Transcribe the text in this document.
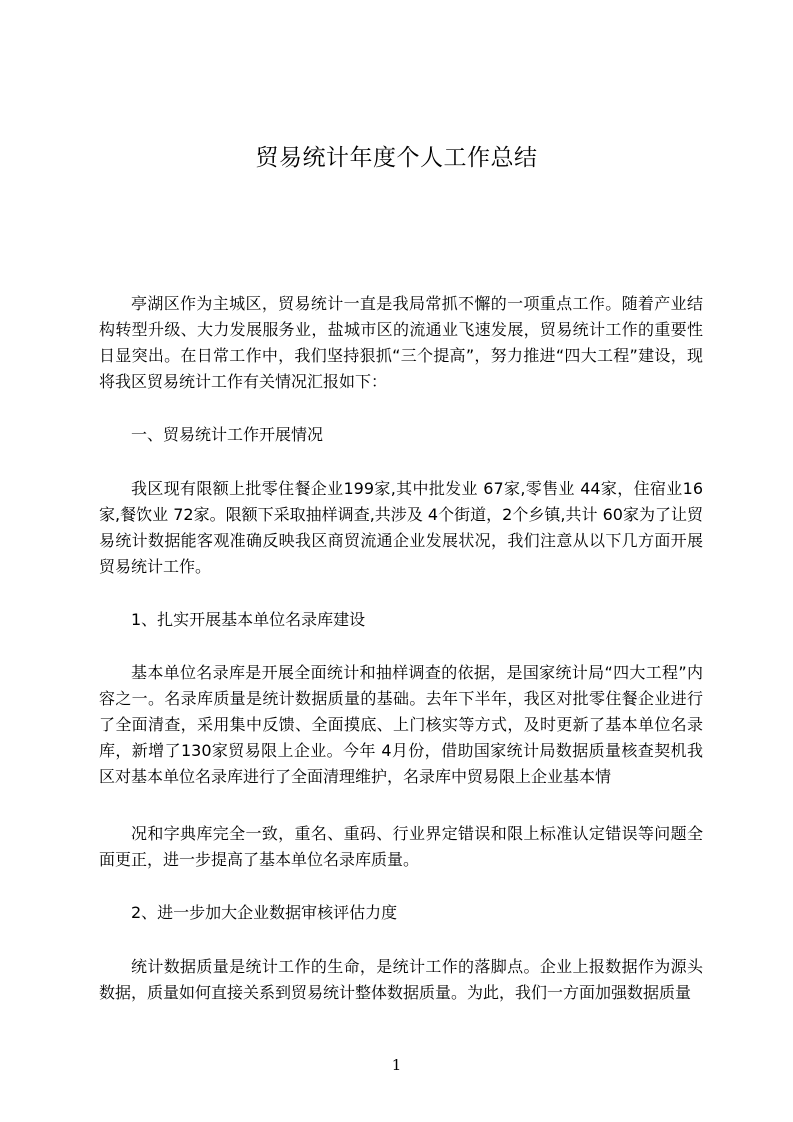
贸易统计年度个人工作总结

亭湖区作为主城区，贸易统计一直是我局常抓不懈的一项重点工作。随着产业结构转型升级、大力发展服务业，盐城市区的流通业飞速发展，贸易统计工作的重要性日显突出。在日常工作中，我们坚持狠抓“三个提高”，努力推进“四大工程”建设，现将我区贸易统计工作有关情况汇报如下：

一、贸易统计工作开展情况

我区现有限额上批零住餐企业199家,其中批发业 67家,零售业 44家，住宿业16家,餐饮业 72家。限额下采取抽样调查,共涉及 4个街道，2个乡镇,共计 60家为了让贸易统计数据能客观准确反映我区商贸流通企业发展状况，我们注意从以下几方面开展贸易统计工作。

1、扎实开展基本单位名录库建设

基本单位名录库是开展全面统计和抽样调查的依据，是国家统计局“四大工程”内容之一。名录库质量是统计数据质量的基础。去年下半年，我区对批零住餐企业进行了全面清查，采用集中反馈、全面摸底、上门核实等方式，及时更新了基本单位名录库，新增了130家贸易限上企业。今年 4月份，借助国家统计局数据质量核查契机我区对基本单位名录库进行了全面清理维护，名录库中贸易限上企业基本情

况和字典库完全一致，重名、重码、行业界定错误和限上标准认定错误等问题全面更正，进一步提高了基本单位名录库质量。

2、进一步加大企业数据审核评估力度

统计数据质量是统计工作的生命，是统计工作的落脚点。企业上报数据作为源头数据，质量如何直接关系到贸易统计整体数据质量。为此，我们一方面加强数据质量

1
